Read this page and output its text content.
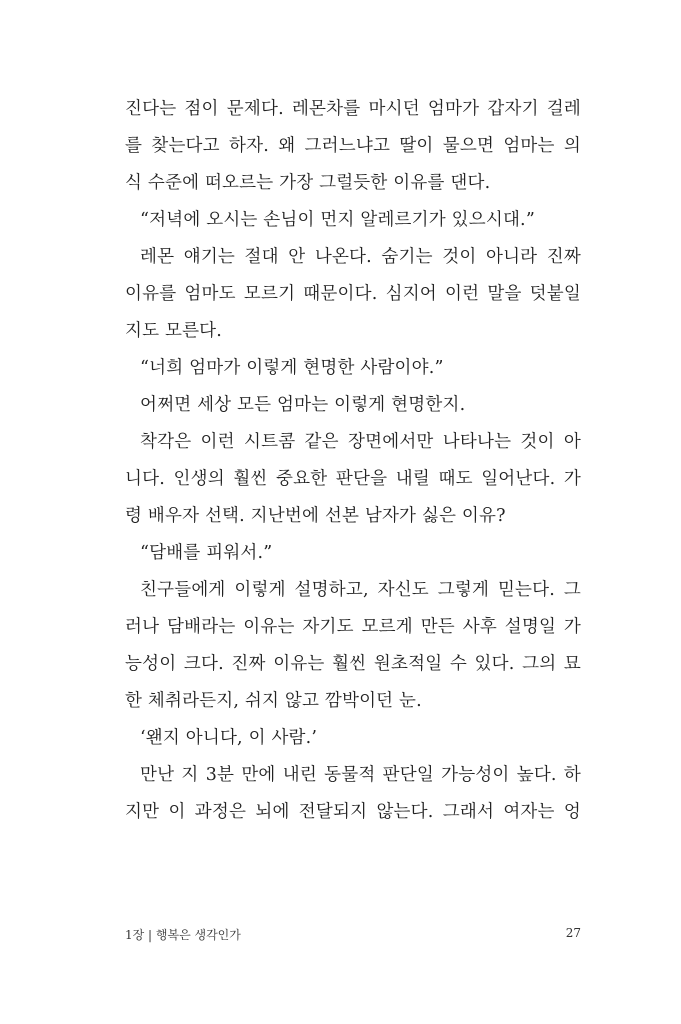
진다는 점이 문제다. 레몬차를 마시던 엄마가 갑자기 걸레
를 찾는다고 하자. 왜 그러느냐고 딸이 물으면 엄마는 의
식 수준에 떠오르는 가장 그럴듯한 이유를 댄다.
“저녁에 오시는 손님이 먼지 알레르기가 있으시대.”
레몬 얘기는 절대 안 나온다. 숨기는 것이 아니라 진짜
이유를 엄마도 모르기 때문이다. 심지어 이런 말을 덧붙일
지도 모른다.
“너희 엄마가 이렇게 현명한 사람이야.”
어쩌면 세상 모든 엄마는 이렇게 현명한지.
착각은 이런 시트콤 같은 장면에서만 나타나는 것이 아
니다. 인생의 훨씬 중요한 판단을 내릴 때도 일어난다. 가
령 배우자 선택. 지난번에 선본 남자가 싫은 이유?
“담배를 피워서.”
친구들에게 이렇게 설명하고, 자신도 그렇게 믿는다. 그
러나 담배라는 이유는 자기도 모르게 만든 사후 설명일 가
능성이 크다. 진짜 이유는 훨씬 원초적일 수 있다. 그의 묘
한 체취라든지, 쉬지 않고 깜박이던 눈.
‘왠지 아니다, 이 사람.’
만난 지 3분 만에 내린 동물적 판단일 가능성이 높다. 하
지만 이 과정은 뇌에 전달되지 않는다. 그래서 여자는 엉
1장 | 행복은 생각인가	27
